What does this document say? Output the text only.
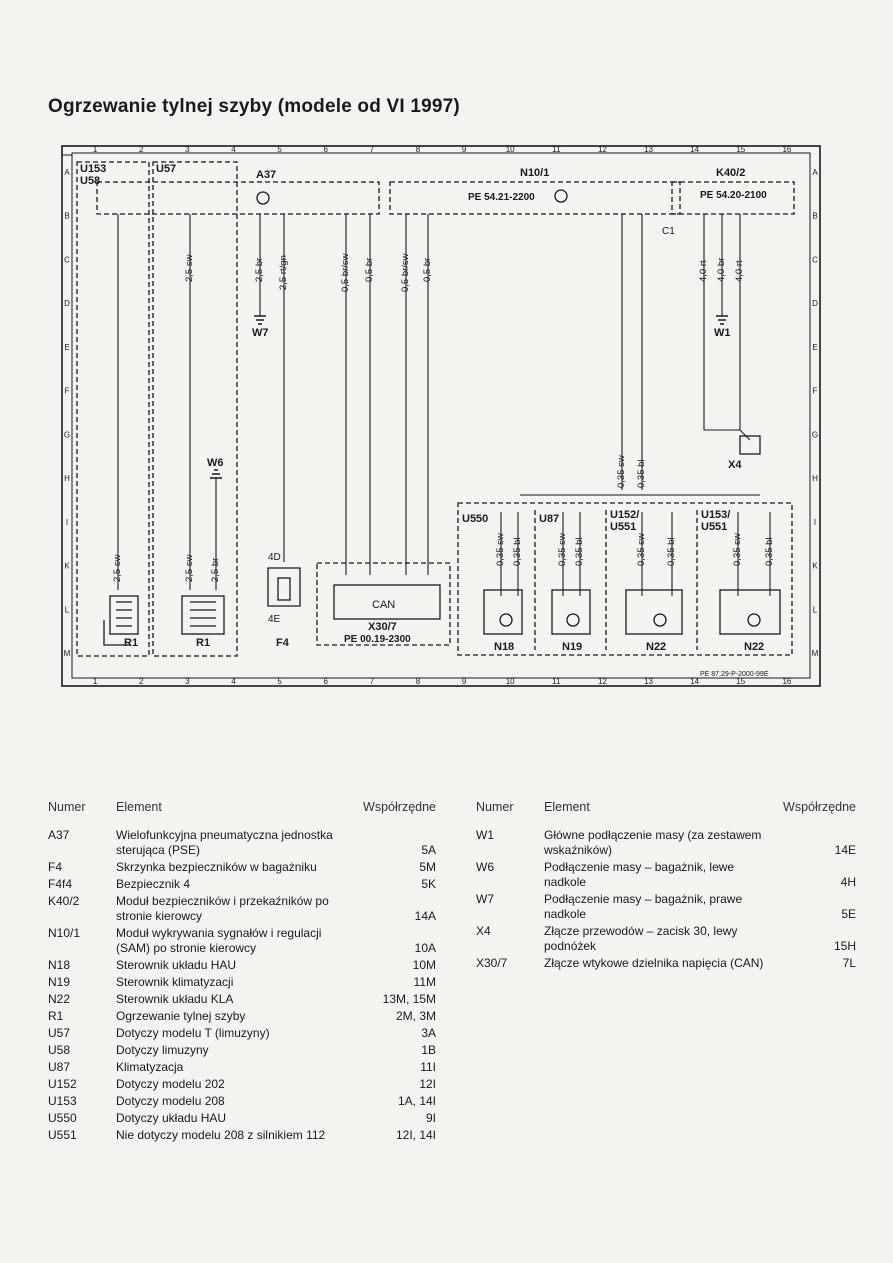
Ogrzewanie tylnej szyby (modele od VI 1997)
1	2	3	4	5	6	7	8	9	10	11	12	13	14	15	16
1	2	3	4	5	6	7	8	9	10	11	12	13	14	15	16
A
B
C
D
E
F
G
H
I
K
L
M
A
B
C
D
E
F
G
H
I
K
L
M
U153
U58
U57	A37	N10/1
PE 54.21-2200
K40/2
PE 54.20-2100
W7	W1
W6	X4
R1	R1	F4
4D
4E
CAN
X30/7
PE 00.19-2300
U550	U87	U152/
U551
U153/
U551
N18	N19	N22	N22
C1
PE 87.29-P-2000-99E
2,5 sw	2,5 br 2,5 rt/gn	0,5 br/sw 0,5 br	0,5 br/sw 0,5 br	4,0 rt 4,0 br 4,0 rt
0,35 sw 0,35 bl
2,5 sw	2,5 sw 2,5 br
0,35 sw 0,35 bl	0,35 sw 0,35 bl	0,35 sw 0,35 bl	0,35 sw 0,35 bl
Numer	Element	Współrzędne
A37	Wielofunkcyjna pneumatyczna jednostka sterująca (PSE)	5A
F4	Skrzynka bezpieczników w bagażniku	5M
F4f4	Bezpiecznik 4	5K
K40/2	Moduł bezpieczników i przekaźników po stronie kierowcy	14A
N10/1	Moduł wykrywania sygnałów i regulacji (SAM) po stronie kierowcy	10A
N18	Sterownik układu HAU	10M
N19	Sterownik klimatyzacji	11M
N22	Sterownik układu KLA	13M, 15M
R1	Ogrzewanie tylnej szyby	2M, 3M
U57	Dotyczy modelu T (limuzyny)	3A
U58	Dotyczy limuzyny	1B
U87	Klimatyzacja	11I
U152	Dotyczy modelu 202	12I
U153	Dotyczy modelu 208	1A, 14I
U550	Dotyczy układu HAU	9I
U551	Nie dotyczy modelu 208 z silnikiem 112	12I, 14I
Numer	Element	Współrzędne
W1	Główne podłączenie masy (za zestawem wskaźników)	14E
W6	Podłączenie masy – bagażnik, lewe nadkole	4H
W7	Podłączenie masy – bagażnik, prawe nadkole	5E
X4	Złącze przewodów – zacisk 30, lewy podnóżek	15H
X30/7	Złącze wtykowe dzielnika napięcia (CAN)	7L
